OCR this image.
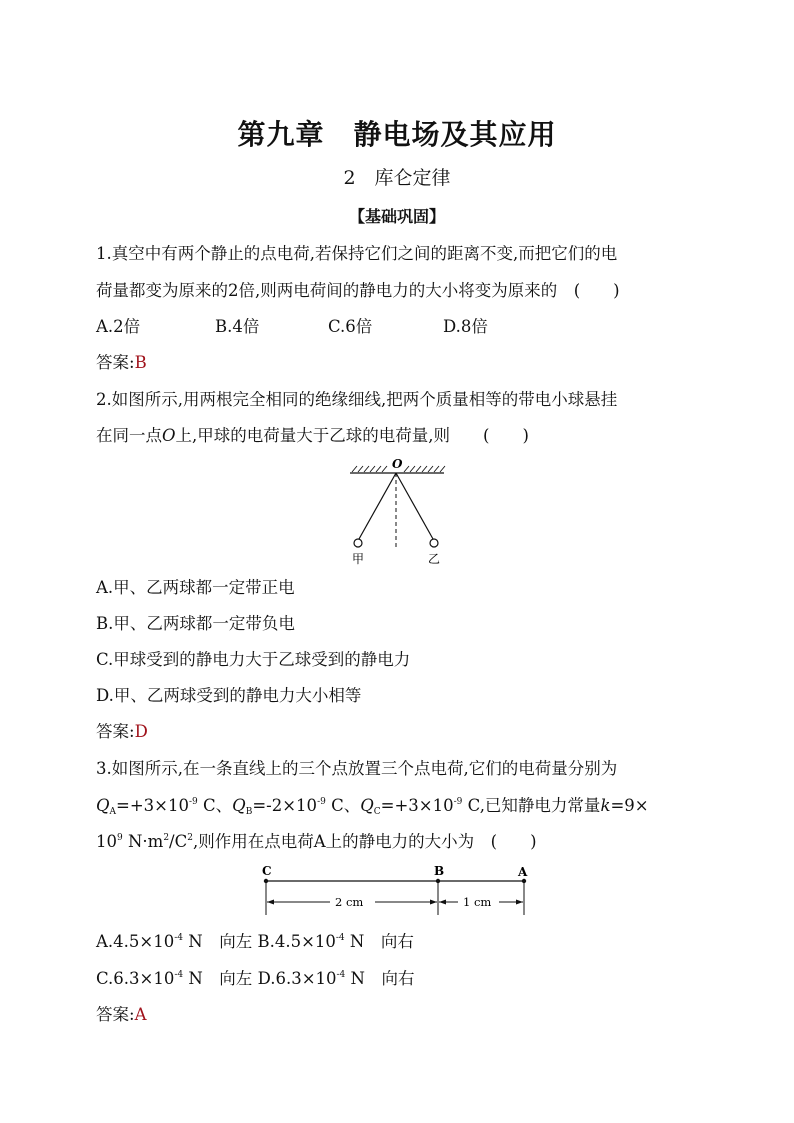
第九章　静电场及其应用
2　库仑定律
【基础巩固】
1.真空中有两个静止的点电荷,若保持它们之间的距离不变,而把它们的电
荷量都变为原来的2倍,则两电荷间的静电力的大小将变为原来的　(　　)
A.2倍	B.4倍	C.6倍	D.8倍
答案:B
2.如图所示,用两根完全相同的绝缘细线,把两个质量相等的带电小球悬挂
在同一点O上,甲球的电荷量大于乙球的电荷量,则　　(　　)
O
甲	乙
A.甲、乙两球都一定带正电
B.甲、乙两球都一定带负电
C.甲球受到的静电力大于乙球受到的静电力
D.甲、乙两球受到的静电力大小相等
答案:D
3.如图所示,在一条直线上的三个点放置三个点电荷,它们的电荷量分别为
$Q_A=+3\times 10^{-9}$ C、$Q_B=-2\times 10^{-9}$ C、$Q_C=+3\times 10^{-9}$ C,已知静电力常量k=9×
$10^9$ $N\cdot m^2/C^2$,则作用在点电荷A上的静电力的大小为　(　　)
C	B	A
2 cm	1 cm
$A.4.5\times 10^{-4}$ N　向左 $B.4.5\times 10^{-4}$ N　向右
$C.6.3\times 10^{-4}$ N　向左 $D.6.3\times 10^{-4}$ N　向右
答案:A
